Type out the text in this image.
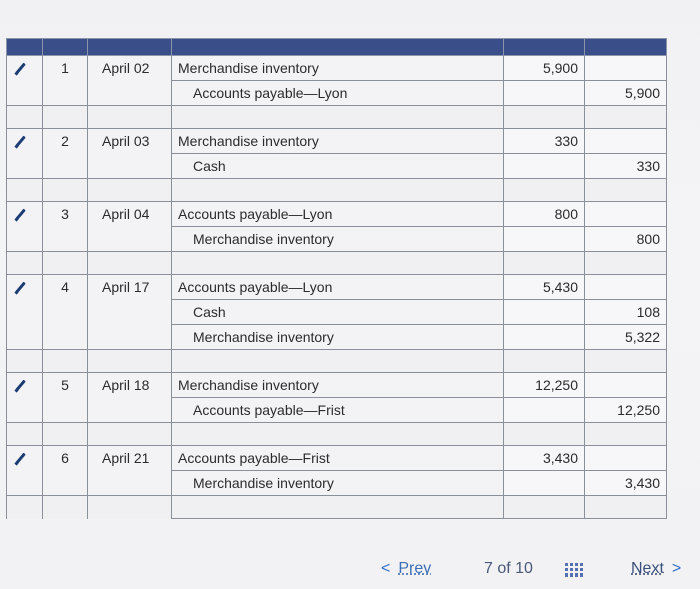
	1	April 02	Merchandise inventory	5,900	
			Accounts payable—Lyon		5,900

	2	April 03	Merchandise inventory	330	
			Cash		330

	3	April 04	Accounts payable—Lyon	800	
			Merchandise inventory		800

	4	April 17	Accounts payable—Lyon	5,430	
			Cash		108
			Merchandise inventory		5,322

	5	April 18	Merchandise inventory	12,250	
			Accounts payable—Frist		12,250

	6	April 21	Accounts payable—Frist	3,430	
			Merchandise inventory		3,430

< Prev	7 of 10	Next >
